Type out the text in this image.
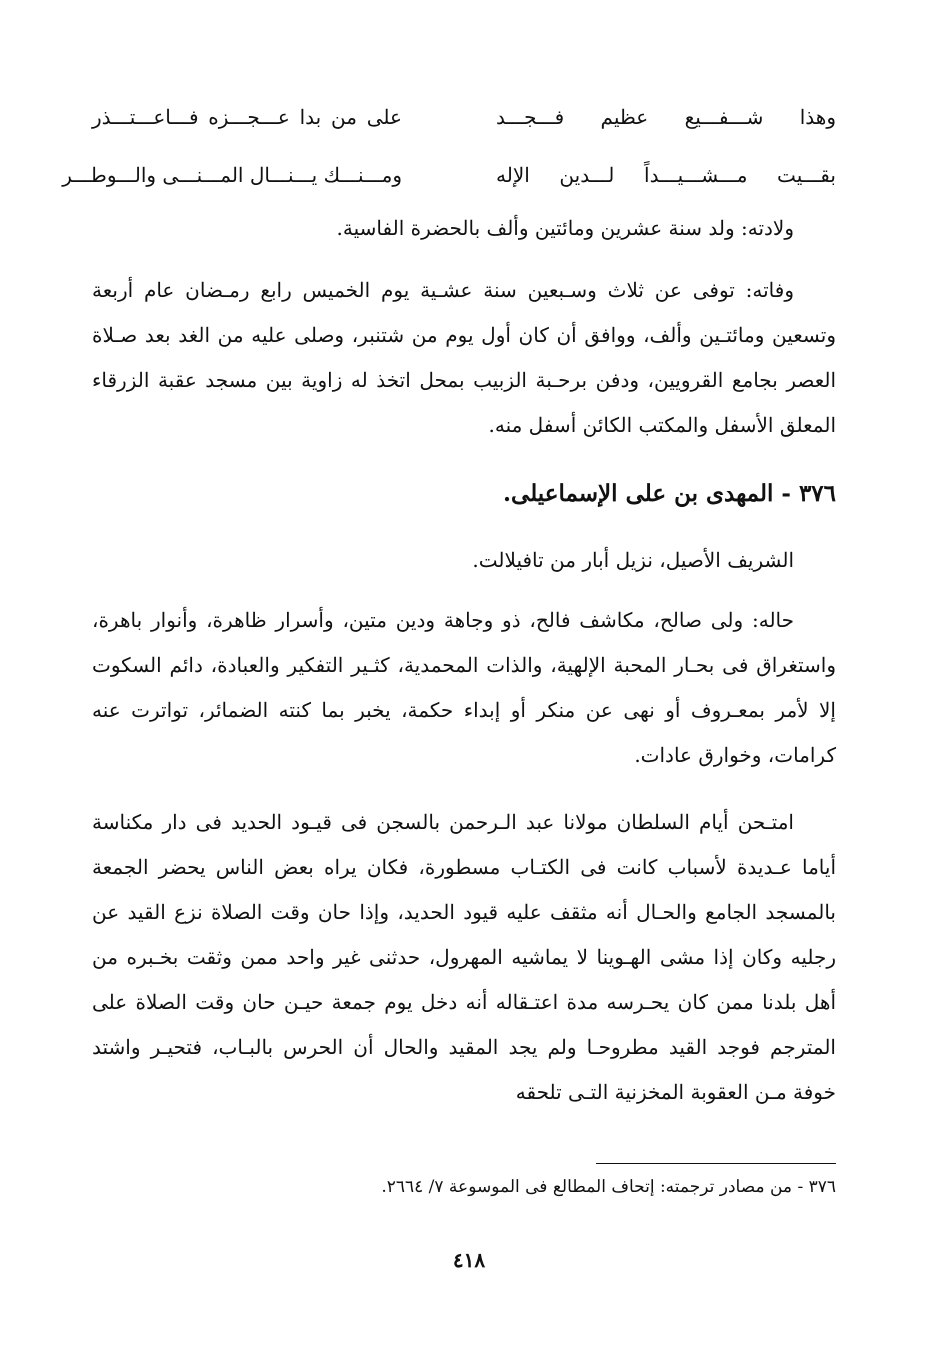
وهذا شـــفـــيع عظيم فـــجـــد
على من بدا عـــجـــزه فـــاعـــتـــذر
بقـــيت مـــشـــيـــداً لـــدين الإله
ومـــنـــك يـــنـــال المـــنـــى والـــوطـــر

ولادته: ولد سنة عشرين ومائتين وألف بالحضرة الفاسية.

وفاته: توفى عن ثلاث وسـبعين سنة عشـية يوم الخميس رابع رمـضان عام أربعة وتسعين ومائتـين وألف، ووافق أن كان أول يوم من شتنبر، وصلى عليه من الغد بعد صـلاة العصر بجامع القرويين، ودفن برحـبة الزبيب بمحل اتخذ له زاوية بين مسجد عقبة الزرقاء المعلق الأسفل والمكتب الكائن أسفل منه.

٣٧٦ - المهدى بن على الإسماعيلى.

الشريف الأصيل، نزيل أبار من تافيلالت.

حاله: ولى صالح، مكاشف فالح، ذو وجاهة ودين متين، وأسرار ظاهرة، وأنوار باهرة، واستغراق فى بحـار المحبة الإلهية، والذات المحمدية، كثـير التفكير والعبادة، دائم السكوت إلا لأمر بمعـروف أو نهى عن منكر أو إبداء حكمة، يخبر بما كنته الضمائر، تواترت عنه كرامات، وخوارق عادات.

امتـحن أيام السلطان مولانا عبد الـرحمن بالسجن فى قيـود الحديد فى دار مكناسة أياما عـديدة لأسباب كانت فى الكتـاب مسطورة، فكان يراه بعض الناس يحضر الجمعة بالمسجد الجامع والحـال أنه مثقف عليه قيود الحديد، وإذا حان وقت الصلاة نزع القيد عن رجليه وكان إذا مشى الهـوينا لا يماشيه المهرول، حدثنى غير واحد ممن وثقت بخـبره من أهل بلدنا ممن كان يحـرسه مدة اعتـقاله أنه دخل يوم جمعة حيـن حان وقت الصلاة على المترجم فوجد القيد مطروحـا ولم يجد المقيد والحال أن الحرس بالبـاب، فتحيـر واشتد خوفة مـن العقوبة المخزنية التـى تلحقه

٣٧٦ - من مصادر ترجمته: إتحاف المطالع فى الموسوعة ٧/ ٢٦٦٤.

٤١٨
